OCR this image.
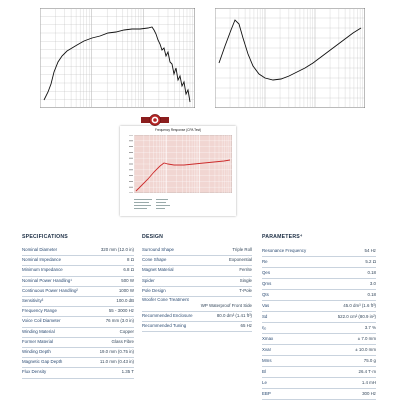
Frequency Response (CPA Test)
SPECIFICATIONS	DESIGN	PARAMETERS⁴
Nominal Diameter	320 mm (12.0 in)
Nominal Impedance	8 Ω
Minimum Impedance	6.8 Ω
Nominal Power Handling¹	500 W
Continuous Power Handling²	1000 W
Sensitivity³	100.0 dB
Frequency Range	55 - 3000 Hz
Voice Coil Diameter	76 mm (3.0 in)
Winding Material	Copper
Former Material	Glass Fibre
Winding Depth	19.0 mm (0.75 in)
Magnetic Gap Depth	11.0 mm (0.43 in)
Flux Density	1.35 T
Surround Shape	Triple Roll
Cone Shape	Exponential
Magnet Material	Ferrite
Spider	Single
Pole Design	T-Pole
Woofer Cone Treatment
WP Waterproof Front Side
Recommended Enclosure	80.0 dm³ (1.41 ft³)
Recommended Tuning	65 Hz
Resonance Frequency	54 Hz
Re	5.2 Ω
Qes	0.18
Qms	3.0
Qts	0.18
Vas	45.0 dm³ (1.6 ft³)
Sd	522.0 cm² (80.9 in²)
η₀	3.7 %
Xmax	± 7.0 mm
Xvar	± 10.0 mm
Mms	75.0 g
Bl	26.4 T·m
Le	1.4 mH
EBP	300 Hz
